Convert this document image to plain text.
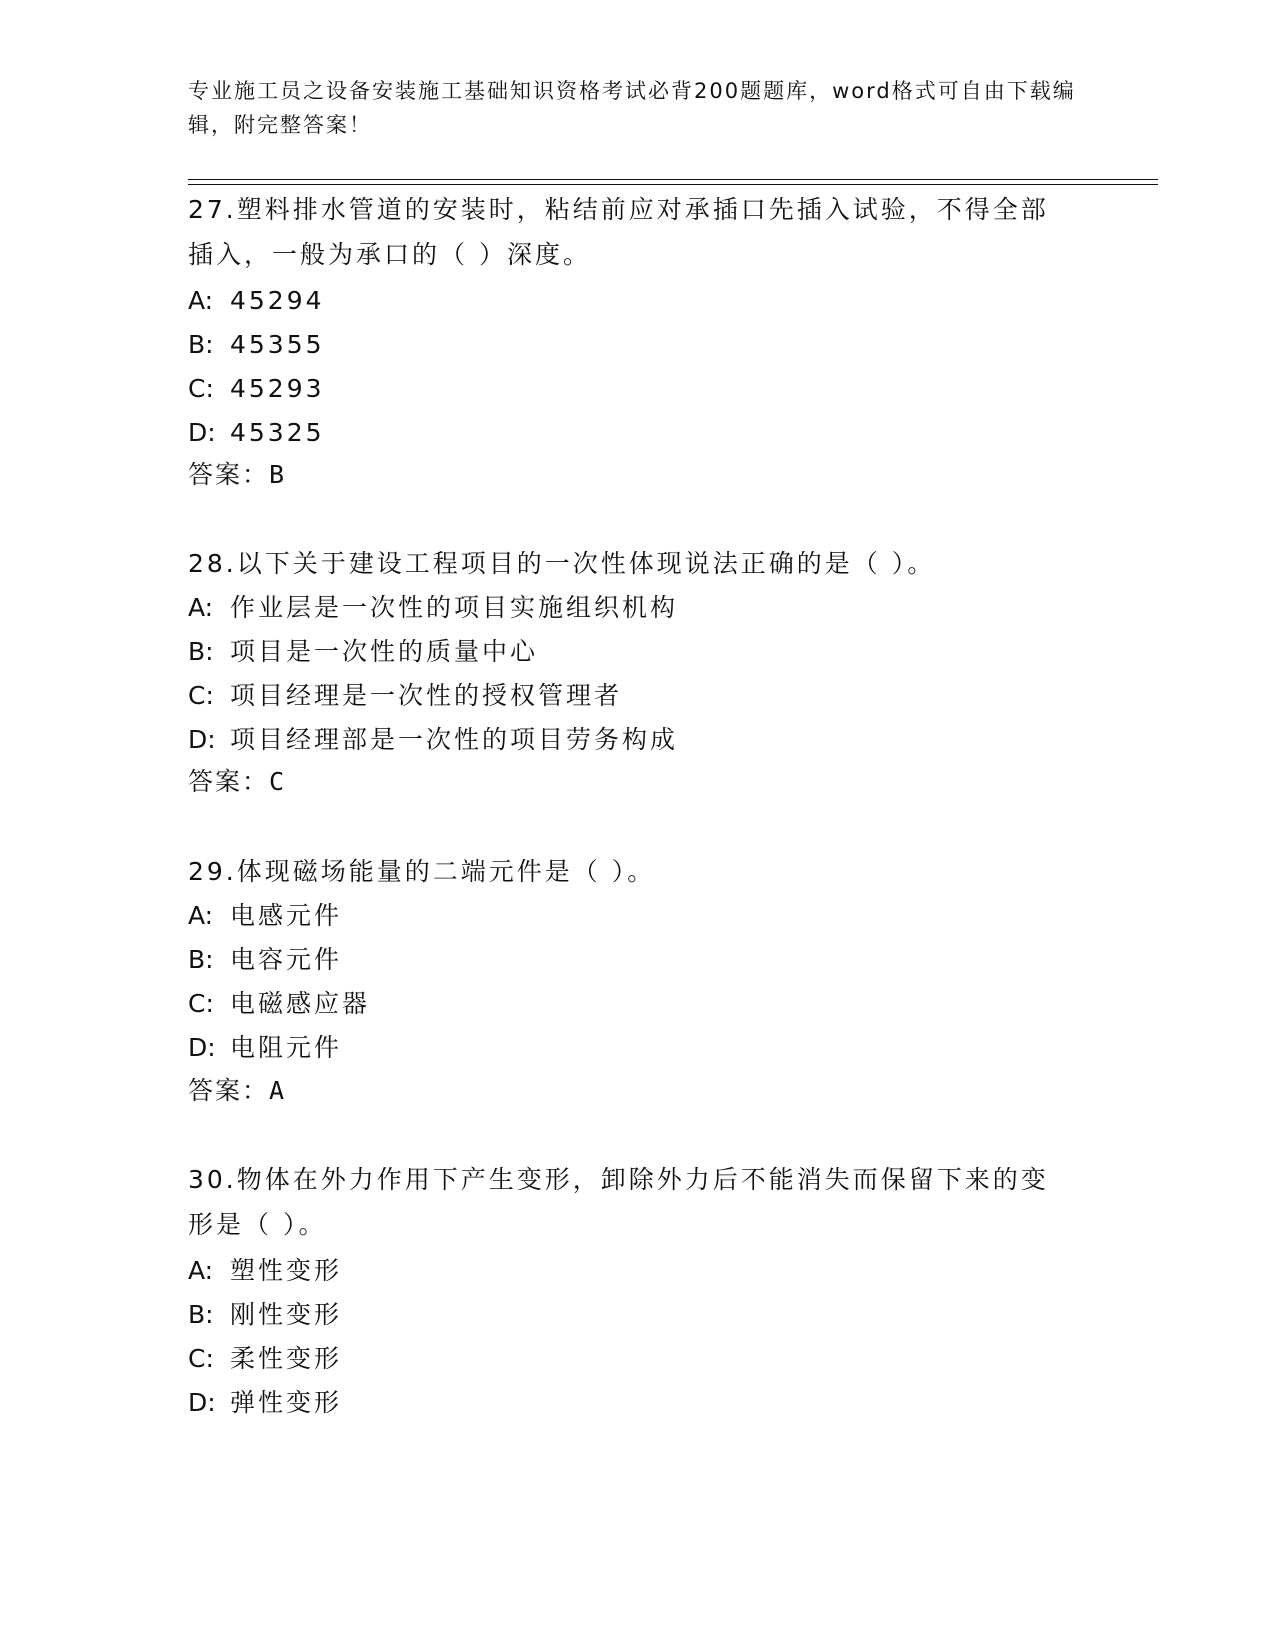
专业施工员之设备安装施工基础知识资格考试必背200题题库，word格式可自由下载编辑，附完整答案！
27.塑料排水管道的安装时，粘结前应对承插口先插入试验，不得全部
插入，一般为承口的（ ）深度。
A: 45294
B: 45355
C: 45293
D: 45325
答案：B
28.以下关于建设工程项目的一次性体现说法正确的是（ ）。
A: 作业层是一次性的项目实施组织机构
B: 项目是一次性的质量中心
C: 项目经理是一次性的授权管理者
D: 项目经理部是一次性的项目劳务构成
答案：C
29.体现磁场能量的二端元件是（ ）。
A: 电感元件
B: 电容元件
C: 电磁感应器
D: 电阻元件
答案：A
30.物体在外力作用下产生变形，卸除外力后不能消失而保留下来的变
形是（ ）。
A: 塑性变形
B: 刚性变形
C: 柔性变形
D: 弹性变形
